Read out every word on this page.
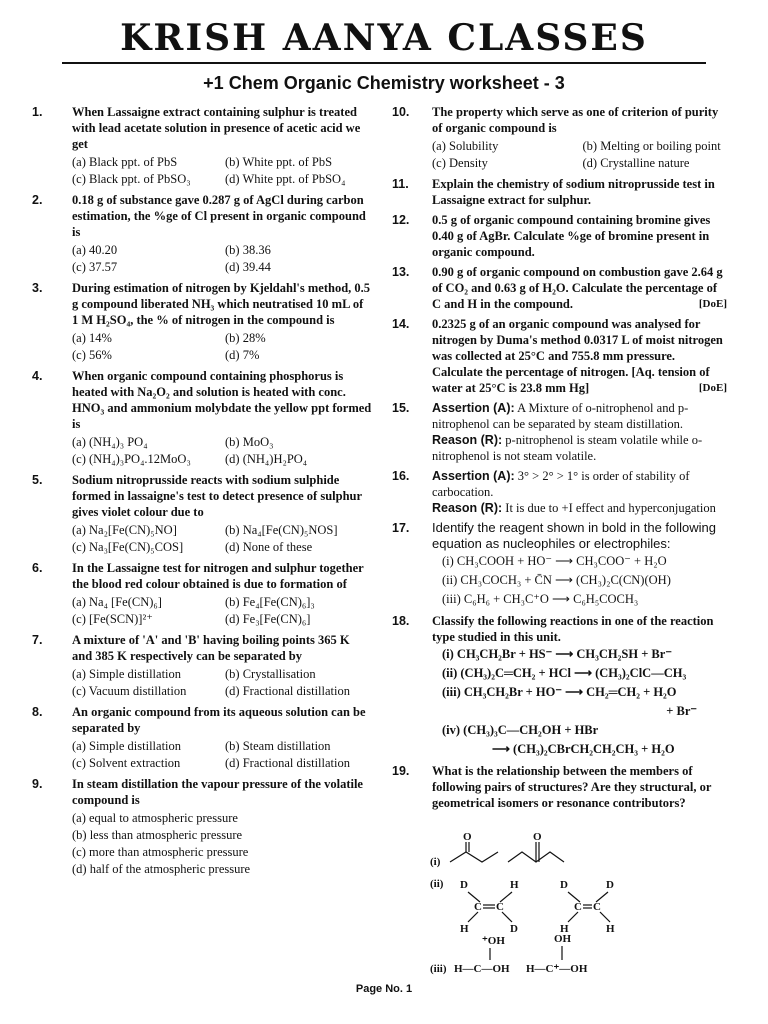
KRISH AANYA CLASSES
+1 Chem Organic Chemistry worksheet - 3
1. When Lassaigne extract containing sulphur is treated with lead acetate solution in presence of acetic acid we get
(a) Black ppt. of PbS	(b) White ppt. of PbS
(c) Black ppt. of PbSO₃	(d) White ppt. of PbSO₄
2. 0.18 g of substance gave 0.287 g of AgCl during carbon estimation, the %ge of Cl present in organic compound is
(a) 40.20	(b) 38.36
(c) 37.57	(d) 39.44
3. During estimation of nitrogen by Kjeldahl's method, 0.5 g compound liberated NH₃ which neutratised 10 mL of 1 M H₂SO₄, the % of nitrogen in the compound is
(a) 14%	(b) 28%
(c) 56%	(d) 7%
4. When organic compound containing phosphorus is heated with Na₂O₂ and solution is heated with conc. HNO₃ and ammonium molybdate the yellow ppt formed is
(a) (NH₄)₃ PO₄	(b) MoO₃
(c) (NH₄)₃PO₄.12MoO₃	(d) (NH₄)H₂PO₄
5. Sodium nitroprusside reacts with sodium sulphide formed in lassaigne's test to detect presence of sulphur gives violet colour due to
(a) Na₂[Fe(CN)₅NO]	(b) Na₄[Fe(CN)₅NOS]
(c) Na₃[Fe(CN)₅COS]	(d) None of these
6. In the Lassaigne test for nitrogen and sulphur together the blood red colour obtained is due to formation of
(a) Na₄ [Fe(CN)₆]	(b) Fe₄[Fe(CN)₆]₃
(c) [Fe(SCN)]²⁺	(d) Fe₃[Fe(CN)₆]
7. A mixture of 'A' and 'B' having boiling points 365 K and 385 K respectively can be separated by
(a) Simple distillation	(b) Crystallisation
(c) Vacuum distillation	(d) Fractional distillation
8. An organic compound from its aqueous solution can be separated by
(a) Simple distillation	(b) Steam distillation
(c) Solvent extraction	(d) Fractional distillation
9. In steam distillation the vapour pressure of the volatile compound is
(a) equal to atmospheric pressure
(b) less than atmospheric pressure
(c) more than atmospheric pressure
(d) half of the atmospheric pressure
10. The property which serve as one of criterion of purity of organic compound is
(a) Solubility	(b) Melting or boiling point
(c) Density	(d) Crystalline nature
11. Explain the chemistry of sodium nitroprusside test in Lassaigne extract for sulphur.
12. 0.5 g of organic compound containing bromine gives 0.40 g of AgBr. Calculate %ge of bromine present in organic compound.
13. 0.90 g of organic compound on combustion gave 2.64 g of CO₂ and 0.63 g of H₂O. Calculate the percentage of C and H in the compound.	[DoE]
14. 0.2325 g of an organic compound was analysed for nitrogen by Duma's method 0.0317 L of moist nitrogen was collected at 25°C and 755.8 mm pressure. Calculate the percentage of nitrogen. [Aq. tension of water at 25°C is 23.8 mm Hg]	[DoE]
15. Assertion (A): A Mixture of o-nitrophenol and p-nitrophenol can be separated by steam distillation.
Reason (R): p-nitrophenol is steam volatile while o-nitrophenol is not steam volatile.
16. Assertion (A): 3° > 2° > 1° is order of stability of carbocation.
Reason (R): It is due to +I effect and hyperconjugation
17. Identify the reagent shown in bold in the following equation as nucleophiles or electrophiles:
(i) CH₃COOH + HO⁻ ⟶ CH₃COO⁻ + H₂O
(ii) CH₃COCH₃ + C̄N ⟶ (CH₃)₂C(CN)(OH)
(iii) C₆H₆ + CH₃C⁺O ⟶ C₆H₅COCH₃
18. Classify the following reactions in one of the reaction type studied in this unit.
(i) CH₃CH₂Br + HS⁻ ⟶ CH₃CH₂SH + Br⁻
(ii) (CH₃)₂C═CH₂ + HCl ⟶ (CH₃)₂ClC—CH₃
(iii) CH₃CH₂Br + HO⁻ ⟶ CH₂═CH₂ + H₂O
+ Br⁻
(iv) (CH₃)₃C—CH₂OH + HBr
⟶ (CH₃)₂CBrCH₂CH₂CH₃ + H₂O
19. What is the relationship between the members of following pairs of structures? Are they structural, or geometrical isomers or resonance contributors?
(i)
O	O
(ii) D	H
C C
H	D
D	D
C C
H	H
⁺OH	OH
(iii) H—C—OH H—C⁺—OH
Page No. 1
